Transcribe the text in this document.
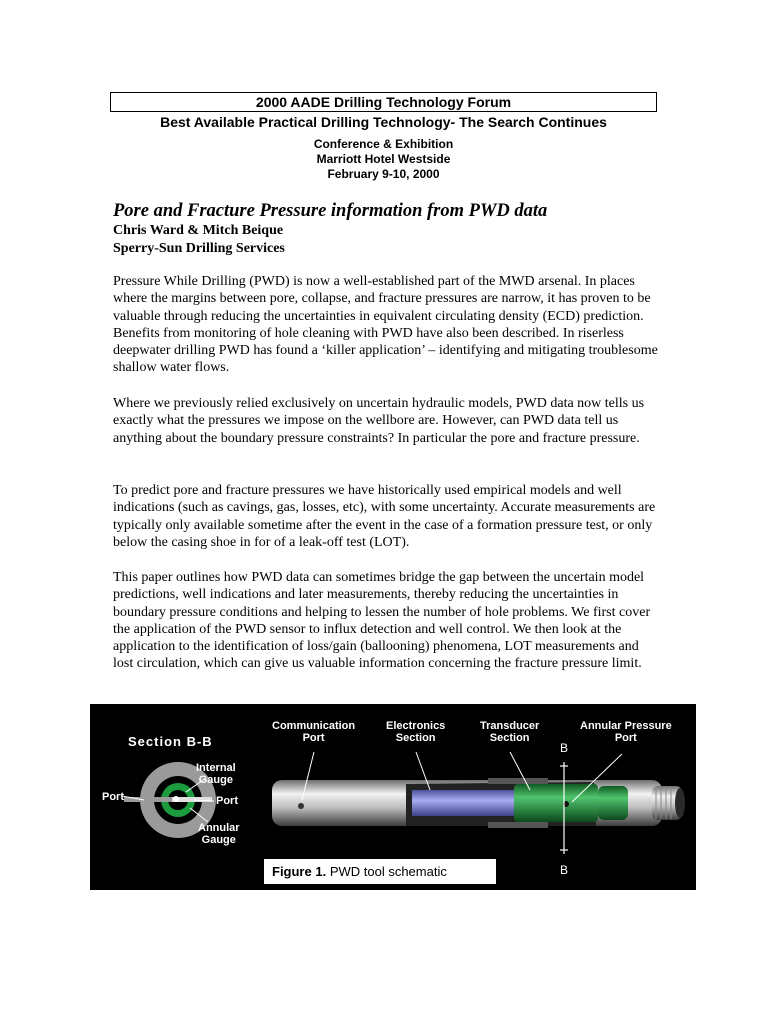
2000 AADE Drilling Technology Forum
Best Available Practical Drilling Technology- The Search Continues
Conference & Exhibition
Marriott Hotel Westside
February 9-10, 2000
Pore and Fracture Pressure information from PWD data
Chris Ward & Mitch Beique
Sperry-Sun Drilling Services
Pressure While Drilling (PWD) is now a well-established part of the MWD arsenal. In places where the margins between pore, collapse, and fracture pressures are narrow, it has proven to be valuable through reducing the uncertainties in equivalent circulating density (ECD) prediction. Benefits from monitoring of hole cleaning with PWD have also been described. In riserless deepwater drilling PWD has found a ‘killer application’ – identifying and mitigating troublesome shallow water flows.
Where we previously relied exclusively on uncertain hydraulic models, PWD data now tells us exactly what the pressures we impose on the wellbore are. However, can PWD data tell us anything about the boundary pressure constraints? In particular the pore and fracture pressure.
To predict pore and fracture pressures we have historically used empirical models and well indications (such as cavings, gas, losses, etc), with some uncertainty. Accurate measurements are typically only available sometime after the event in the case of a formation pressure test, or only below the casing shoe in for of a leak-off test (LOT).
This paper outlines how PWD data can sometimes bridge the gap between the uncertain model predictions, well indications and later measurements, thereby reducing the uncertainties in boundary pressure conditions and helping to lessen the number of hole problems. We first cover the application of the PWD sensor to influx detection and well control. We then look at the application to the identification of loss/gain (ballooning) phenomena, LOT measurements and lost circulation, which can give us valuable information concerning the fracture pressure limit.
Section B-B
Internal
Gauge
Port	Port
Annular
Gauge
Communication
Port
Electronics
Section
Transducer
Section
Annular Pressure
Port
B
B
Figure 1. PWD tool schematic
